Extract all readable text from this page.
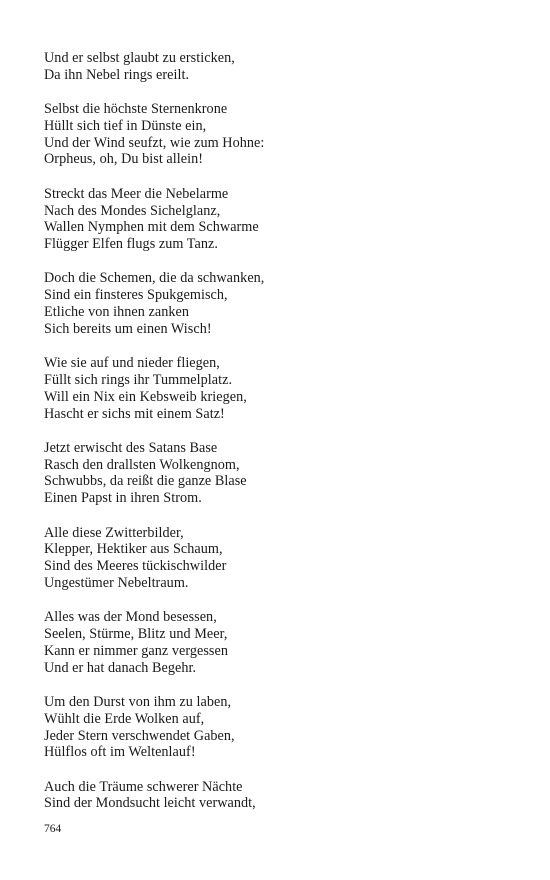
Und er selbst glaubt zu ersticken,
Da ihn Nebel rings ereilt.
Selbst die höchste Sternenkrone
Hüllt sich tief in Dünste ein,
Und der Wind seufzt, wie zum Hohne:
Orpheus, oh, Du bist allein!
Streckt das Meer die Nebelarme
Nach des Mondes Sichelglanz,
Wallen Nymphen mit dem Schwarme
Flügger Elfen flugs zum Tanz.
Doch die Schemen, die da schwanken,
Sind ein finsteres Spukgemisch,
Etliche von ihnen zanken
Sich bereits um einen Wisch!
Wie sie auf und nieder fliegen,
Füllt sich rings ihr Tummelplatz.
Will ein Nix ein Kebsweib kriegen,
Hascht er sichs mit einem Satz!
Jetzt erwischt des Satans Base
Rasch den drallsten Wolkengnom,
Schwubbs, da reißt die ganze Blase
Einen Papst in ihren Strom.
Alle diese Zwitterbilder,
Klepper, Hektiker aus Schaum,
Sind des Meeres tückischwilder
Ungestümer Nebeltraum.
Alles was der Mond besessen,
Seelen, Stürme, Blitz und Meer,
Kann er nimmer ganz vergessen
Und er hat danach Begehr.
Um den Durst von ihm zu laben,
Wühlt die Erde Wolken auf,
Jeder Stern verschwendet Gaben,
Hülflos oft im Weltenlauf!
Auch die Träume schwerer Nächte
Sind der Mondsucht leicht verwandt,
764
